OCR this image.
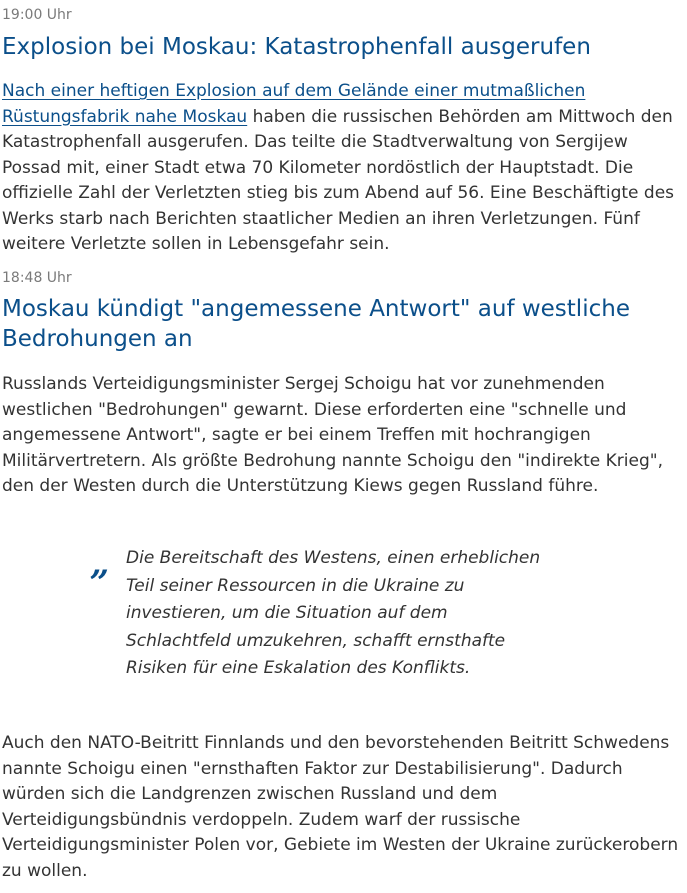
19:00 Uhr
Explosion bei Moskau: Katastrophenfall ausgerufen

Nach einer heftigen Explosion auf dem Gelände einer mutmaßlichen Rüstungsfabrik nahe Moskau haben die russischen Behörden am Mittwoch den Katastrophenfall ausgerufen. Das teilte die Stadtverwaltung von Sergijew Possad mit, einer Stadt etwa 70 Kilometer nordöstlich der Hauptstadt. Die offizielle Zahl der Verletzten stieg bis zum Abend auf 56. Eine Beschäftigte des Werks starb nach Berichten staatlicher Medien an ihren Verletzungen. Fünf weitere Verletzte sollen in Lebensgefahr sein.

18:48 Uhr
Moskau kündigt "angemessene Antwort" auf westliche Bedrohungen an

Russlands Verteidigungsminister Sergej Schoigu hat vor zunehmenden westlichen "Bedrohungen" gewarnt. Diese erforderten eine "schnelle und angemessene Antwort", sagte er bei einem Treffen mit hochrangigen Militärvertretern. Als größte Bedrohung nannte Schoigu den "indirekte Krieg", den der Westen durch die Unterstützung Kiews gegen Russland führe.

„ Die Bereitschaft des Westens, einen erheblichen Teil seiner Ressourcen in die Ukraine zu investieren, um die Situation auf dem Schlachtfeld umzukehren, schafft ernsthafte Risiken für eine Eskalation des Konflikts.

Auch den NATO-Beitritt Finnlands und den bevorstehenden Beitritt Schwedens nannte Schoigu einen "ernsthaften Faktor zur Destabilisierung". Dadurch würden sich die Landgrenzen zwischen Russland und dem Verteidigungsbündnis verdoppeln. Zudem warf der russische Verteidigungsminister Polen vor, Gebiete im Westen der Ukraine zurückerobern zu wollen.
